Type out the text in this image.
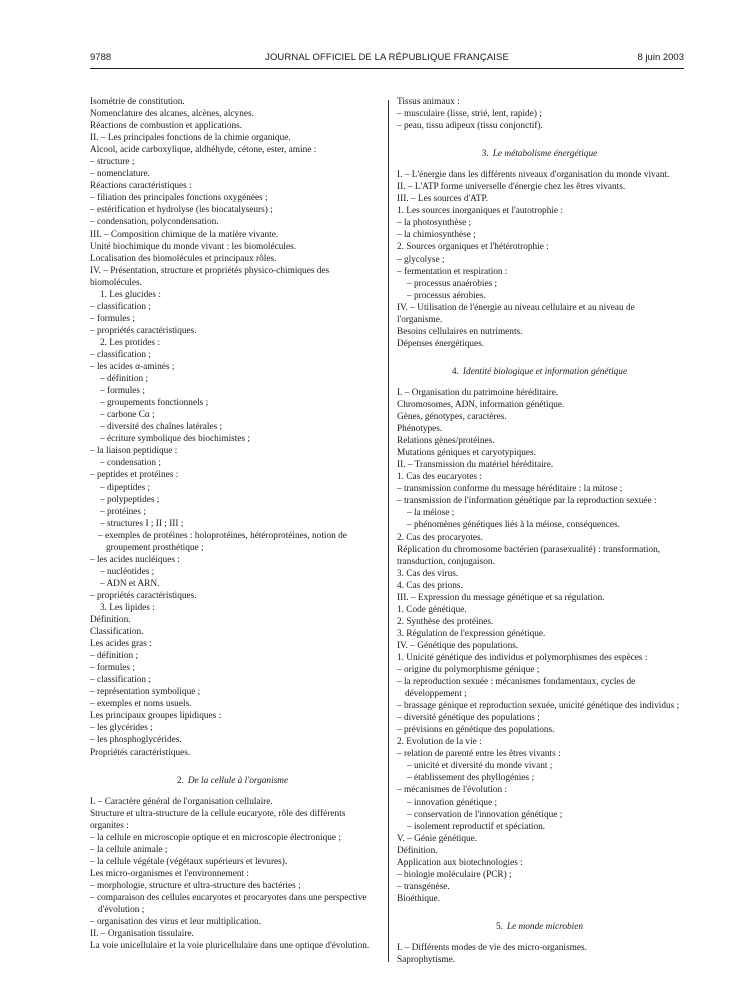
9788	JOURNAL OFFICIEL DE LA RÉPUBLIQUE FRANÇAISE	8 juin 2003

Isométrie de constitution.

Nomenclature des alcanes, alcènes, alcynes.

Réactions de combustion et applications.

II. – Les principales fonctions de la chimie organique.

Alcool, acide carboxylique, aldhéhyde, cétone, ester, amine :

– structure ;

– nomenclature.

Réactions caractéristiques :

– filiation des principales fonctions oxygénées ;

– estérification et hydrolyse (les biocatalyseurs) ;

– condensation, polycondensation.

III. – Composition chimique de la matière vivante.

Unité biochimique du monde vivant : les biomolécules.

Localisation des biomolécules et principaux rôles.

IV. – Présentation, structure et propriétés physico-chimiques des biomolécules.

1. Les glucides :

– classification ;

– formules ;

– propriétés caractéristiques.

2. Les protides :

– classification ;

– les acides α-aminés ;

– définition ;

– formules ;

– groupements fonctionnels ;

– carbone Cα ;

– diversité des chaînes latérales ;

– écriture symbolique des biochimistes ;

– la liaison peptidique :

– condensation ;

– peptides et protéines :

– dipeptides ;

– polypeptides ;

– protéines ;

– structures I ; II ; III ;

– exemples de protéines : holoprotéines, hétéroprotéines, notion de groupement prosthétique ;

– les acides nucléiques :

– nucléotides ;

– ADN et ARN.

– propriétés caractéristiques.

3. Les lipides :

Définition.

Classification.

Les acides gras :

– définition ;

– formules ;

– classification ;

– représentation symbolique ;

– exemples et noms usuels.

Les principaux groupes lipidiques :

– les glycérides ;

– les phosphoglycérides.

Propriétés caractéristiques.

2. De la cellule à l'organisme

I. – Caractère général de l'organisation cellulaire.

Structure et ultra-structure de la cellule eucaryote, rôle des différents organites :

– la cellule en microscopie optique et en microscopie électronique ;

– la cellule animale ;

– la cellule végétale (végétaux supérieurs et levures).

Les micro-organismes et l'environnement :

– morphologie, structure et ultra-structure des bactéries ;

– comparaison des cellules eucaryotes et procaryotes dans une perspective d'évolution ;

– organisation des virus et leur multiplication.

II. – Organisation tissulaire.

La voie unicellulaire et la voie pluricellulaire dans une optique d'évolution.

Tissus animaux :

– musculaire (lisse, strié, lent, rapide) ;

– peau, tissu adipeux (tissu conjonctif).

3. Le métabolisme énergétique

I. – L'énergie dans les différents niveaux d'organisation du monde vivant.

II. – L'ATP forme universelle d'énergie chez les êtres vivants.

III. – Les sources d'ATP.

1. Les sources inorganiques et l'autotrophie :

– la photosynthèse ;

– la chimiosynthèse ;

2. Sources organiques et l'hétérotrophie :

– glycolyse ;

– fermentation et respiration :

– processus anaérobies ;

– processus aérobies.

IV. – Utilisation de l'énergie au niveau cellulaire et au niveau de l'organisme.

Besoins cellulaires en nutriments.

Dépenses énergétiques.

4. Identité biologique et information génétique

I. – Organisation du patrimoine héréditaire.

Chromosomes, ADN, information génétique.

Gènes, génotypes, caractères.

Phénotypes.

Relations gènes/protéines.

Mutations géniques et caryotypiques.

II. – Transmission du matériel héréditaire.

1. Cas des eucaryotes :

– transmission conforme du message héréditaire : la mitose ;

– transmission de l'information génétique par la reproduction sexuée :

– la méiose ;

– phénomènes génétiques liés à la méiose, conséquences.

2. Cas des procaryotes.

Réplication du chromosome bactérien (parasexualité) : transformation, transduction, conjugaison.

3. Cas des virus.

4. Cas des prions.

III. – Expression du message génétique et sa régulation.

1. Code génétique.

2. Synthèse des protéines.

3. Régulation de l'expression génétique.

IV. – Génétique des populations.

1. Unicité génétique des individus et polymorphismes des espèces :

– origine du polymorphisme génique ;

– la reproduction sexuée : mécanismes fondamentaux, cycles de développement ;

– brassage génique et reproduction sexuée, unicité génétique des individus ;

– diversité génétique des populations ;

– prévisions en génétique des populations.

2. Evolution de la vie :

– relation de parenté entre les êtres vivants :

– unicité et diversité du monde vivant ;

– établissement des phyllogénies ;

– mécanismes de l'évolution :

– innovation génétique ;

– conservation de l'innovation génétique ;

– isolement reproductif et spéciation.

V. – Génie génétique.

Définition.

Application aux biotechnologies :

– biologie moléculaire (PCR) ;

– transgénèse.

Bioéthique.

5. Le monde microbien

I. – Différents modes de vie des micro-organismes.

Saprophytisme.
